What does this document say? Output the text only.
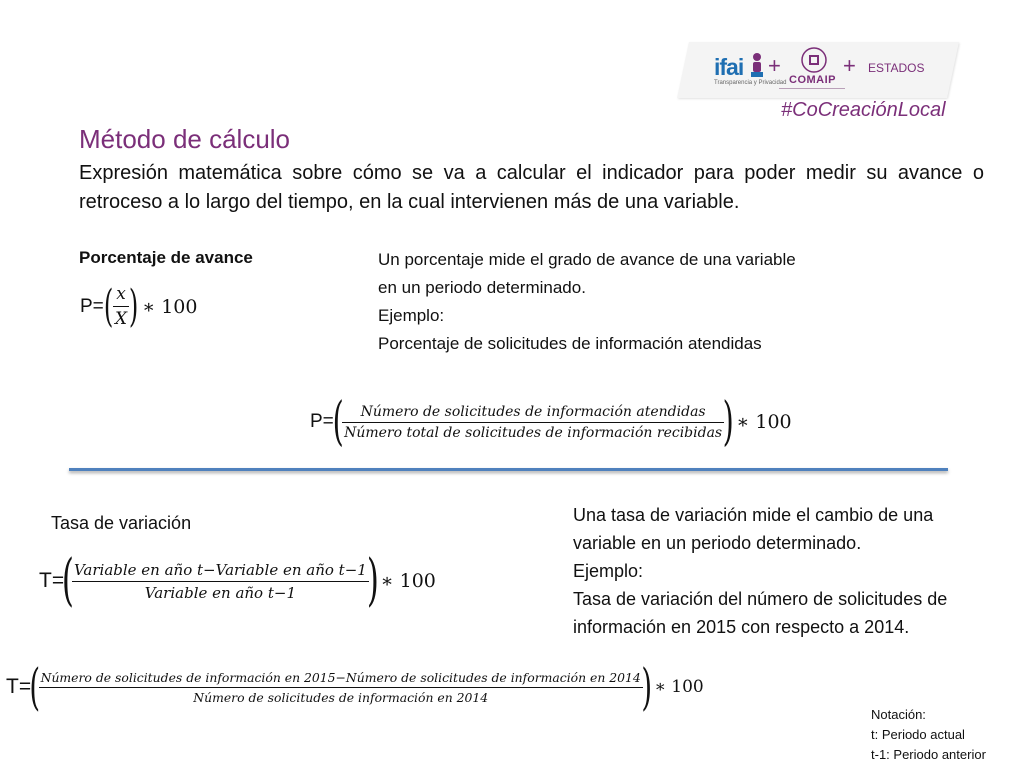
ifai
Transparencia y Privacidad
+
COMAIP
+ ESTADOS
#CoCreaciónLocal
Método de cálculo
Expresión matemática sobre cómo se va a calcular el indicador para poder medir su avance o retroceso a lo largo del tiempo, en la cual intervienen más de una variable.
Porcentaje de avance	Un porcentaje mide el grado de avance de una variable
en un periodo determinado.
Ejemplo:
Porcentaje de solicitudes de información atendidas
P= ( $\frac{x}{X}$ ) ∗ 100
P=
(
$\frac{\text{Número de solicitudes de información atendidas}}{\text{Número total de solicitudes de información recibidas}}$
) ∗ 100
Tasa de variación	Una tasa de variación mide el cambio de una
variable en un periodo determinado.
Ejemplo:
Tasa de variación del número de solicitudes de
información en 2015 con respecto a 2014.
T=
(
$\frac{\text{Variable en año t−Variable en año t−1}}{\text{Variable en año t−1}}$
) ∗ 100
T=
( Número de solicitudes de información en 2015−Número de solicitudes de información en 2014
Número de solicitudes de información en 2014	) ∗ 100
Notación:
t: Periodo actual
t-1: Periodo anterior
